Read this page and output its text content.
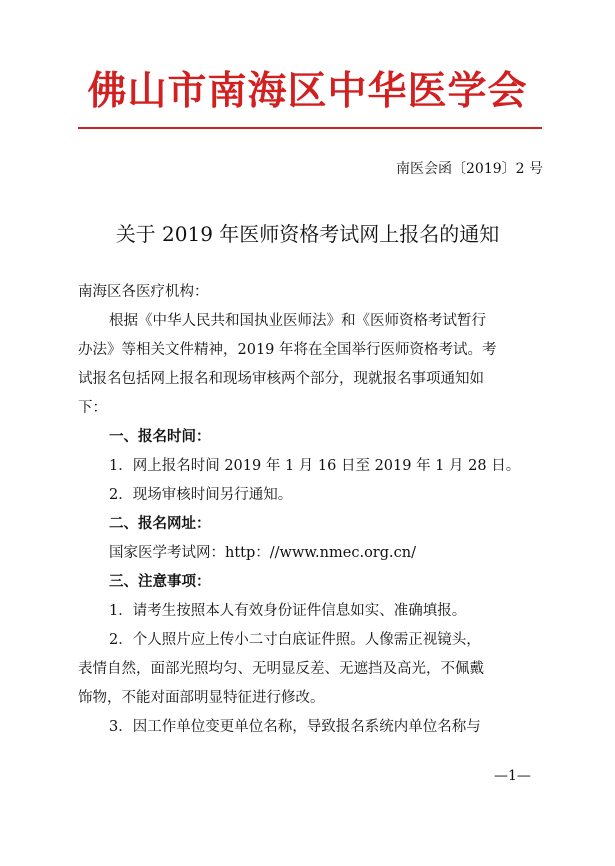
佛山市南海区中华医学会
南医会函〔2019〕2 号
关于 2019 年医师资格考试网上报名的通知
南海区各医疗机构：
根据《中华人民共和国执业医师法》和《医师资格考试暂行
办法》等相关文件精神，2019 年将在全国举行医师资格考试。考
试报名包括网上报名和现场审核两个部分，现就报名事项通知如
下：
一、报名时间：
1．网上报名时间 2019 年 1 月 16 日至 2019 年 1 月 28 日。
2．现场审核时间另行通知。
二、报名网址：
国家医学考试网：http：//www.nmec.org.cn/
三、注意事项：
1．请考生按照本人有效身份证件信息如实、准确填报。
2．个人照片应上传小二寸白底证件照。人像需正视镜头，
表情自然，面部光照均匀、无明显反差、无遮挡及高光，不佩戴
饰物，不能对面部明显特征进行修改。
3．因工作单位变更单位名称，导致报名系统内单位名称与
—1—
